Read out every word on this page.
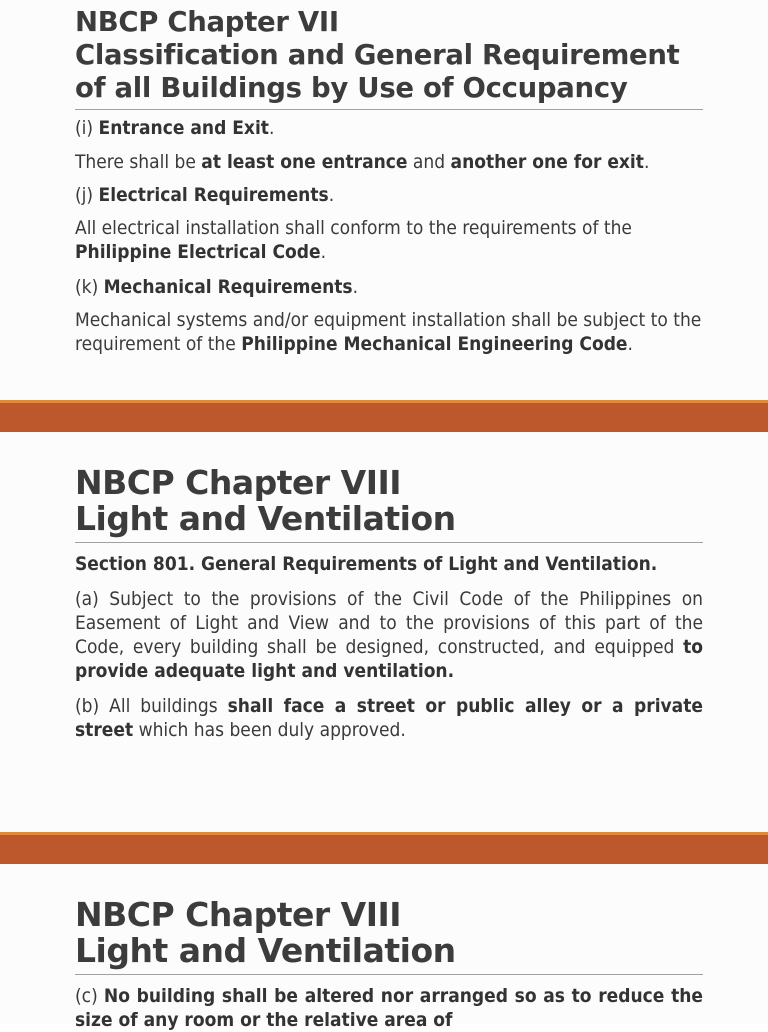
NBCP Chapter VII
Classification and General Requirement
of all Buildings by Use of Occupancy

(i) Entrance and Exit.

There shall be at least one entrance and another one for exit.

(j) Electrical Requirements.

All electrical installation shall conform to the requirements of the Philippine Electrical Code.

(k) Mechanical Requirements.

Mechanical systems and/or equipment installation shall be subject to the requirement of the Philippine Mechanical Engineering Code.

NBCP Chapter VIII
Light and Ventilation

Section 801. General Requirements of Light and Ventilation.

(a) Subject to the provisions of the Civil Code of the Philippines on Easement of Light and View and to the provisions of this part of the Code, every building shall be designed, constructed, and equipped to provide adequate light and ventilation.

(b) All buildings shall face a street or public alley or a private street which has been duly approved.

NBCP Chapter VIII
Light and Ventilation

(c) No building shall be altered nor arranged so as to reduce the size of any room or the relative area of
